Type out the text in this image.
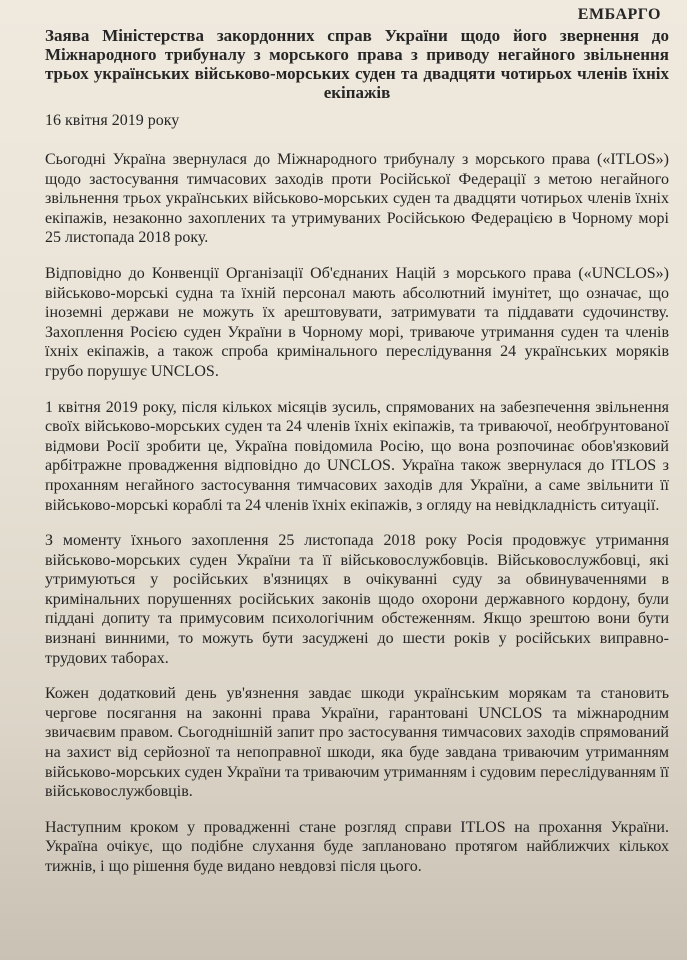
ЕМБАРГО
Заява Міністерства закордонних справ України щодо його звернення до Міжнародного трибуналу з морського права з приводу негайного звільнення трьох українських військово-морських суден та двадцяти чотирьох членів їхніх екіпажів
16 квітня 2019 року

Сьогодні Україна звернулася до Міжнародного трибуналу з морського права («ITLOS») щодо застосування тимчасових заходів проти Російської Федерації з метою негайного звільнення трьох українських військово-морських суден та двадцяти чотирьох членів їхніх екіпажів, незаконно захоплених та утримуваних Російською Федерацією в Чорному морі 25 листопада 2018 року.

Відповідно до Конвенції Організації Об'єднаних Націй з морського права («UNCLOS») військово-морські судна та їхній персонал мають абсолютний імунітет, що означає, що іноземні держави не можуть їх арештовувати, затримувати та піддавати судочинству. Захоплення Росією суден України в Чорному морі, триваюче утримання суден та членів їхніх екіпажів, а також спроба кримінального переслідування 24 українських моряків грубо порушує UNCLOS.

1 квітня 2019 року, після кількох місяців зусиль, спрямованих на забезпечення звільнення своїх військово-морських суден та 24 членів їхніх екіпажів, та триваючої, необґрунтованої відмови Росії зробити це, Україна повідомила Росію, що вона розпочинає обов'язковий арбітражне провадження відповідно до UNCLOS. Україна також звернулася до ITLOS з проханням негайного застосування тимчасових заходів для України, а саме звільнити її військово-морські кораблі та 24 членів їхніх екіпажів, з огляду на невідкладність ситуації.

З моменту їхнього захоплення 25 листопада 2018 року Росія продовжує утримання військово-морських суден України та її військовослужбовців. Військовослужбовці, які утримуються у російських в'язницях в очікуванні суду за обвинуваченнями в кримінальних порушеннях російських законів щодо охорони державного кордону, були піддані допиту та примусовим психологічним обстеженням. Якщо зрештою вони бути визнані винними, то можуть бути засуджені до шести років у російських виправно-трудових таборах.

Кожен додатковий день ув'язнення завдає шкоди українським морякам та становить чергове посягання на законні права України, гарантовані UNCLOS та міжнародним звичаєвим правом. Сьогоднішній запит про застосування тимчасових заходів спрямований на захист від серйозної та непоправної шкоди, яка буде завдана триваючим утриманням військово-морських суден України та триваючим утриманням і судовим переслідуванням її військовослужбовців.

Наступним кроком у провадженні стане розгляд справи ITLOS на прохання України. Україна очікує, що подібне слухання буде заплановано протягом найближчих кількох тижнів, і що рішення буде видано невдовзі після цього.
